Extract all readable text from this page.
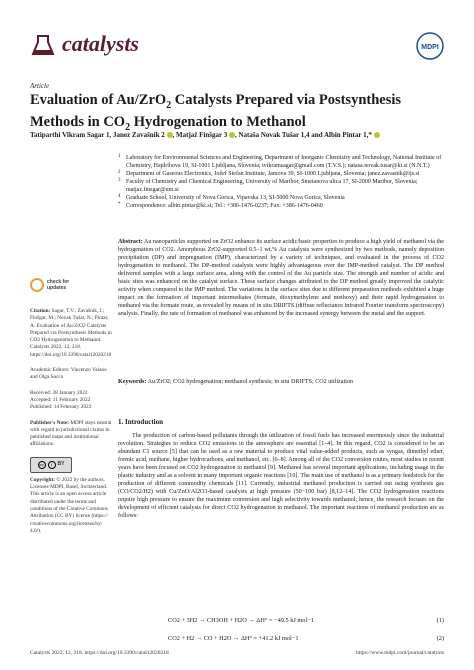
catalysts	MDPI
Article
Evaluation of Au/ZrO$_2$ Catalysts Prepared via Postsynthesis Methods in $CO_2$ Hydrogenation to Methanol
Tatiparthi Vikram Sagar 1, Janez Zavašnik 2 , Matjaž Finšgar 3 , Nataša Novak Tušar 1,4 and Albin Pintar 1,*
1 Laboratory for Environmental Sciences and Engineering, Department of Inorganic Chemistry and Technology, National Institute of Chemistry, Hajdrihova 19, SI-1001 Ljubljana, Slovenia; tvikramsagar@gmail.com (T.V.S.); natasa.novak.tusar@ki.si (N.N.T.)
2 Department of Gaseous Electronics, Jožef Stefan Institute, Jamova 39, SI-1000 Ljubljana, Slovenia; janez.zavasnik@ijs.si
3 Faculty of Chemistry and Chemical Engineering, University of Maribor, Smetanova ulica 17, SI-2000 Maribor, Slovenia; matjaz.finsgar@um.si
4 Graduate School, University of Nova Gorica, Vipavska 13, SI-5000 Nova Gorica, Slovenia
* Correspondence: albin.pintar@ki.si; Tel.: +386-1476-0237; Fax: +386-1476-0460
Abstract: Au nanoparticles supported on ZrO2 enhance its surface acidic/basic properties to produce a high yield of methanol via the hydrogenation of CO2. Amorphous ZrO2-supported 0.5–1 wt.% Au catalysts were synthesized by two methods, namely deposition precipitation (DP) and impregnation (IMP), characterized by a variety of techniques, and evaluated in the process of CO2 hydrogenation to methanol. The DP-method catalysts were highly advantageous over the IMP-method catalyst. The DP method delivered samples with a large surface area, along with the control of the Au particle size. The strength and number of acidic and basic sites was enhanced on the catalyst surface. These surface changes attributed to the DP method greatly improved the catalytic activity when compared to the IMP method. The variations in the surface sites due to different preparation methods exhibited a huge impact on the formation of important intermediates (formate, dioxymethylene and methoxy) and their rapid hydrogenation to methanol via the formate route, as revealed by means of in situ DRIFTS (diffuse reflectance infrared Fourier transform spectroscopy) analysis. Finally, the rate of formation of methanol was enhanced by the increased synergy between the metal and the support.
Keywords: Au/ZrO2; CO2 hydrogenation; methanol synthesis; in situ DRIFTS; CO2 utilization
check for
updates
Citation: Sagar, T.V.; Zavašnik, J.; Finšgar, M.; Novak Tušar, N.; Pintar, A. Evaluation of Au/ZrO2 Catalysts Prepared via Postsynthesis Methods in CO2 Hydrogenation to Methanol. Catalysts 2022, 12, 218. https://doi.org/10.3390/catal12020218
Academic Editors: Vincenzo Vaiano and Olga Sacco
Received: 28 January 2022
Accepted: 11 February 2022
Published: 14 February 2022
Publisher's Note: MDPI stays neutral with regard to jurisdictional claims in published maps and institutional affiliations.
cc	i	BY
Copyright: © 2022 by the authors. Licensee MDPI, Basel, Switzerland. This article is an open access article distributed under the terms and conditions of the Creative Commons Attribution (CC BY) license (https:// creativecommons.org/licenses/by/ 4.0/).
1. Introduction
The production of carbon-based pollutants through the utilization of fossil fuels has increased enormously since the industrial revolution. Strategies to reduce CO2 emissions in the atmosphere are essential [1–4]. In this regard, CO2 is considered to be an abundant C1 source [5] that can be used as a raw material to produce vital value-added products, such as syngas, dimethyl ether, formic acid, methane, higher hydrocarbons, and methanol, etc. [6–8]. Among all of the CO2 conversion routes, most studies in recent years have been focused on CO2 hydrogenation to methanol [9]. Methanol has several important applications, including usage in the plastic industry and as a solvent in many important organic reactions [10]. The main use of methanol is as a primary feedstock for the production of different commodity chemicals [11]. Currently, industrial methanol production is carried out using synthesis gas (CO/CO2/H2) with Cu/ZnO/Al2O3-based catalysts at high pressure (50−100 bar) [8,12–14]. The CO2 hydrogenation reactions require high pressure to ensure the maximum conversion and high selectivity towards methanol; hence, the research focuses on the development of efficient catalysts for direct CO2 hydrogenation to methanol. The important reactions of methanol production are as follows:
CO2 + 3H2 → CH3OH + H2O → ΔH° = −49.5 kJ mol−1	(1)
CO2 + H2 → CO + H2O → ΔH° = +41.2 kJ mol−1	(2)
Catalysts 2022, 12, 218. https://doi.org/10.3390/catal12020218	https://www.mdpi.com/journal/catalysts
